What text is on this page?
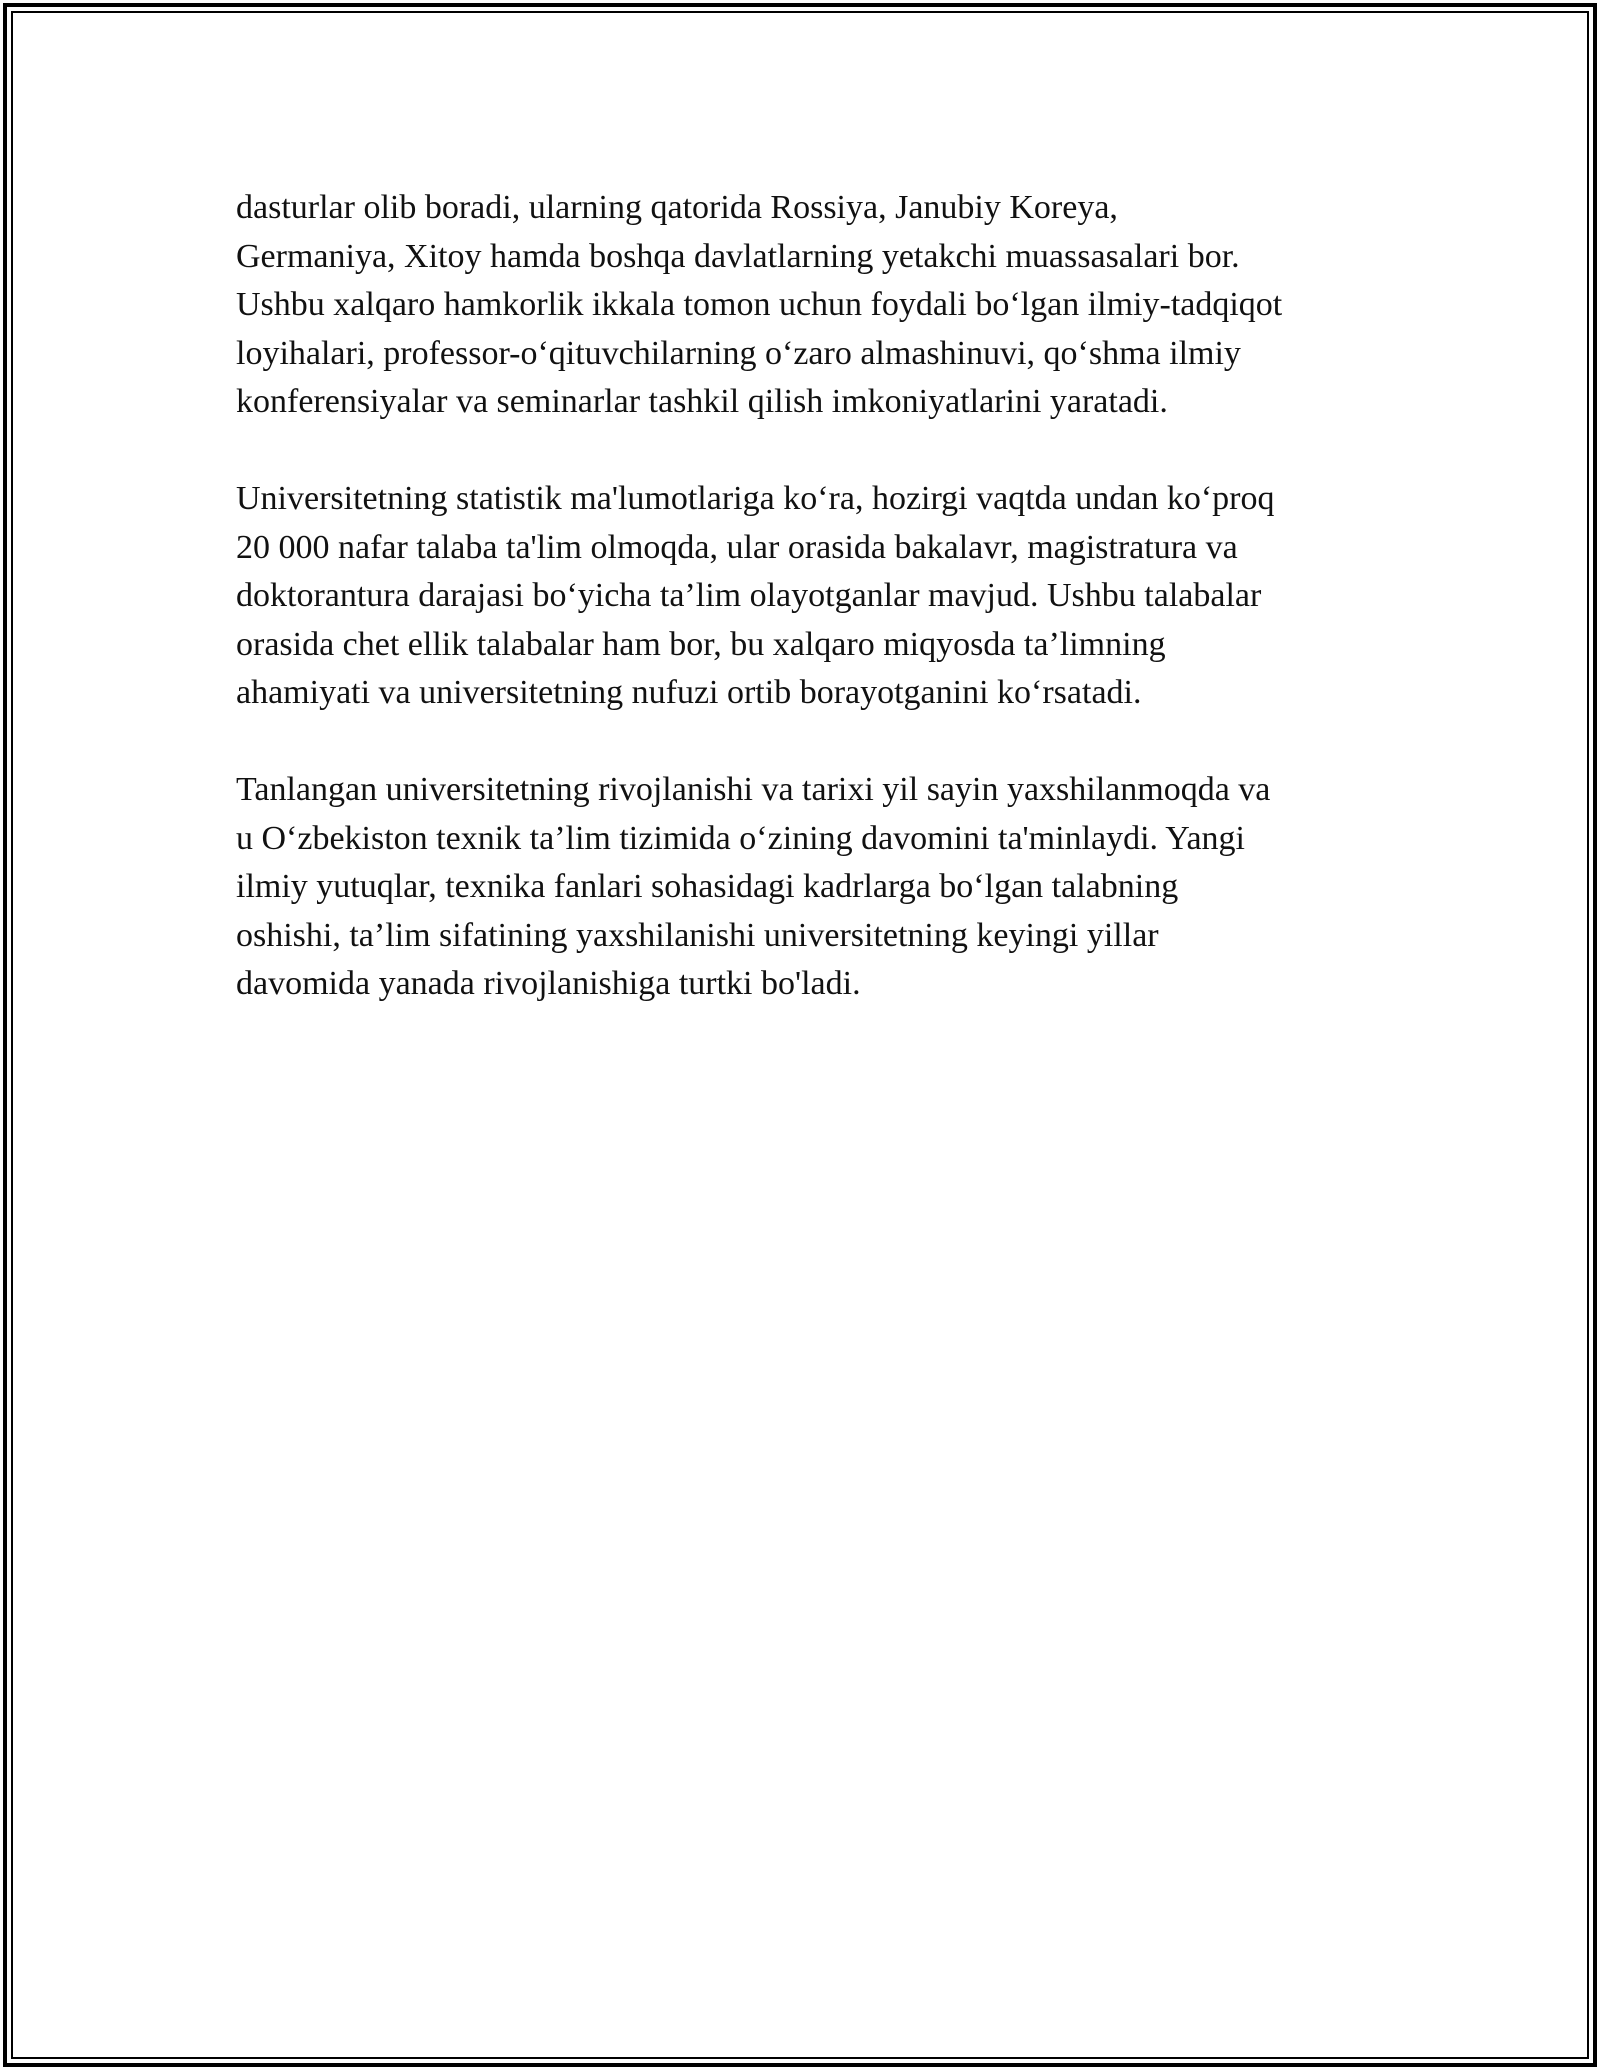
dasturlar olib boradi, ularning qatorida Rossiya, Janubiy Koreya,
Germaniya, Xitoy hamda boshqa davlatlarning yetakchi muassasalari bor.
Ushbu xalqaro hamkorlik ikkala tomon uchun foydali boʻlgan ilmiy-tadqiqot
loyihalari, professor-oʻqituvchilarning oʻzaro almashinuvi, qoʻshma ilmiy
konferensiyalar va seminarlar tashkil qilish imkoniyatlarini yaratadi.

Universitetning statistik ma'lumotlariga koʻra, hozirgi vaqtda undan koʻproq
20 000 nafar talaba ta'lim olmoqda, ular orasida bakalavr, magistratura va
doktorantura darajasi boʻyicha ta’lim olayotganlar mavjud. Ushbu talabalar
orasida chet ellik talabalar ham bor, bu xalqaro miqyosda ta’limning
ahamiyati va universitetning nufuzi ortib borayotganini koʻrsatadi.

Tanlangan universitetning rivojlanishi va tarixi yil sayin yaxshilanmoqda va
u Oʻzbekiston texnik ta’lim tizimida oʻzining davomini ta'minlaydi. Yangi
ilmiy yutuqlar, texnika fanlari sohasidagi kadrlarga boʻlgan talabning
oshishi, ta’lim sifatining yaxshilanishi universitetning keyingi yillar
davomida yanada rivojlanishiga turtki bo'ladi.
